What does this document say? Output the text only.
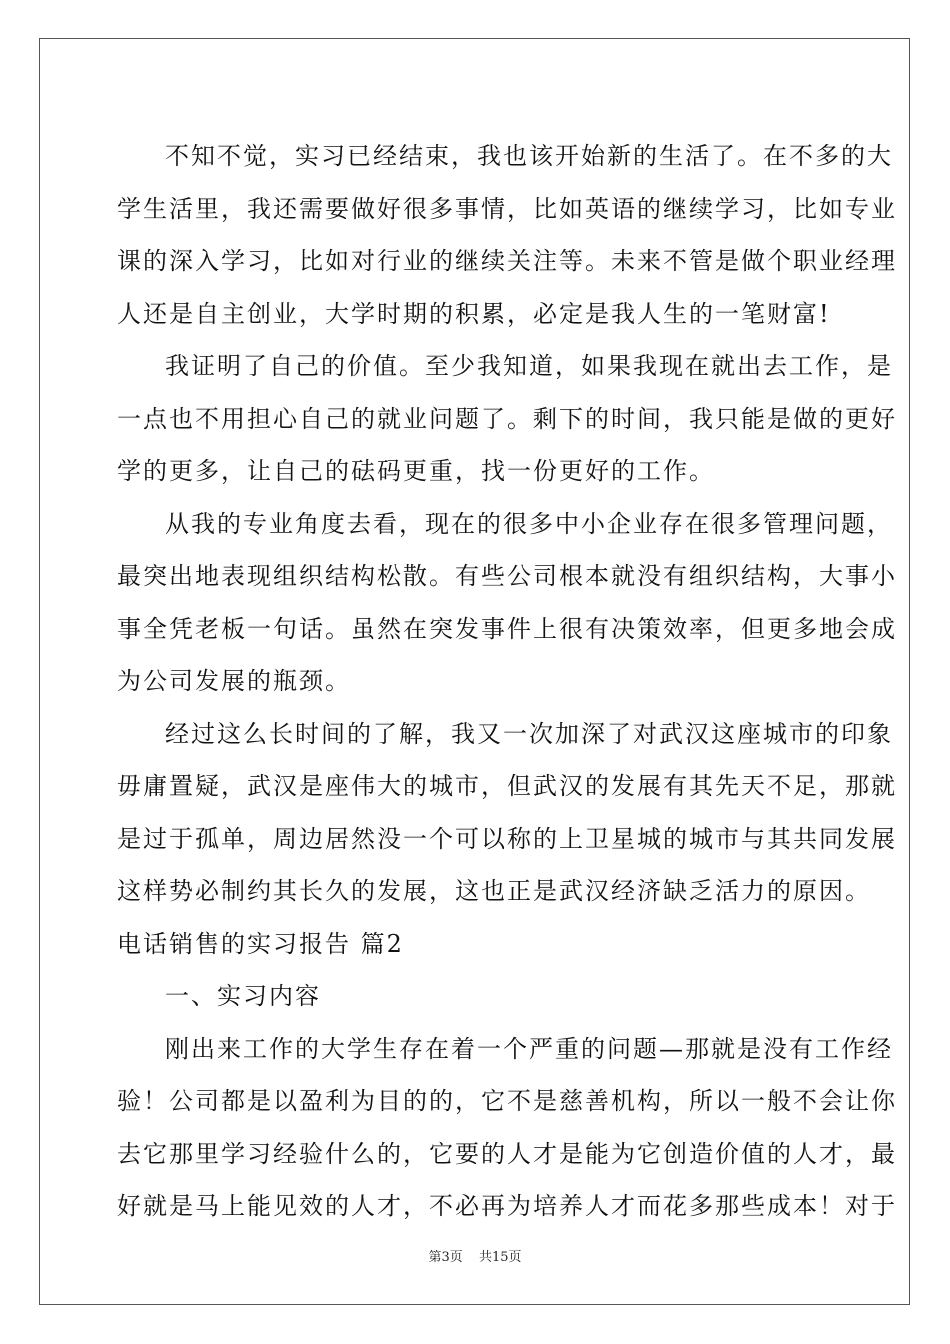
不知不觉，实习已经结束，我也该开始新的生活了。在不多的大
学生活里，我还需要做好很多事情，比如英语的继续学习，比如专业
课的深入学习，比如对行业的继续关注等。未来不管是做个职业经理
人还是自主创业，大学时期的积累，必定是我人生的一笔财富!
我证明了自己的价值。至少我知道，如果我现在就出去工作，是
一点也不用担心自己的就业问题了。剩下的时间，我只能是做的更好
学的更多，让自己的砝码更重，找一份更好的工作。
从我的专业角度去看，现在的很多中小企业存在很多管理问题，
最突出地表现组织结构松散。有些公司根本就没有组织结构，大事小
事全凭老板一句话。虽然在突发事件上很有决策效率，但更多地会成
为公司发展的瓶颈。
经过这么长时间的了解，我又一次加深了对武汉这座城市的印象
毋庸置疑，武汉是座伟大的城市，但武汉的发展有其先天不足，那就
是过于孤单，周边居然没一个可以称的上卫星城的城市与其共同发展
这样势必制约其长久的发展，这也正是武汉经济缺乏活力的原因。
电话销售的实习报告 篇2
一、实习内容
刚出来工作的大学生存在着一个严重的问题—那就是没有工作经
验！公司都是以盈利为目的的，它不是慈善机构，所以一般不会让你
去它那里学习经验什么的，它要的人才是能为它创造价值的人才，最
好就是马上能见效的人才，不必再为培养人才而花多那些成本！对于
第3页 共15页
